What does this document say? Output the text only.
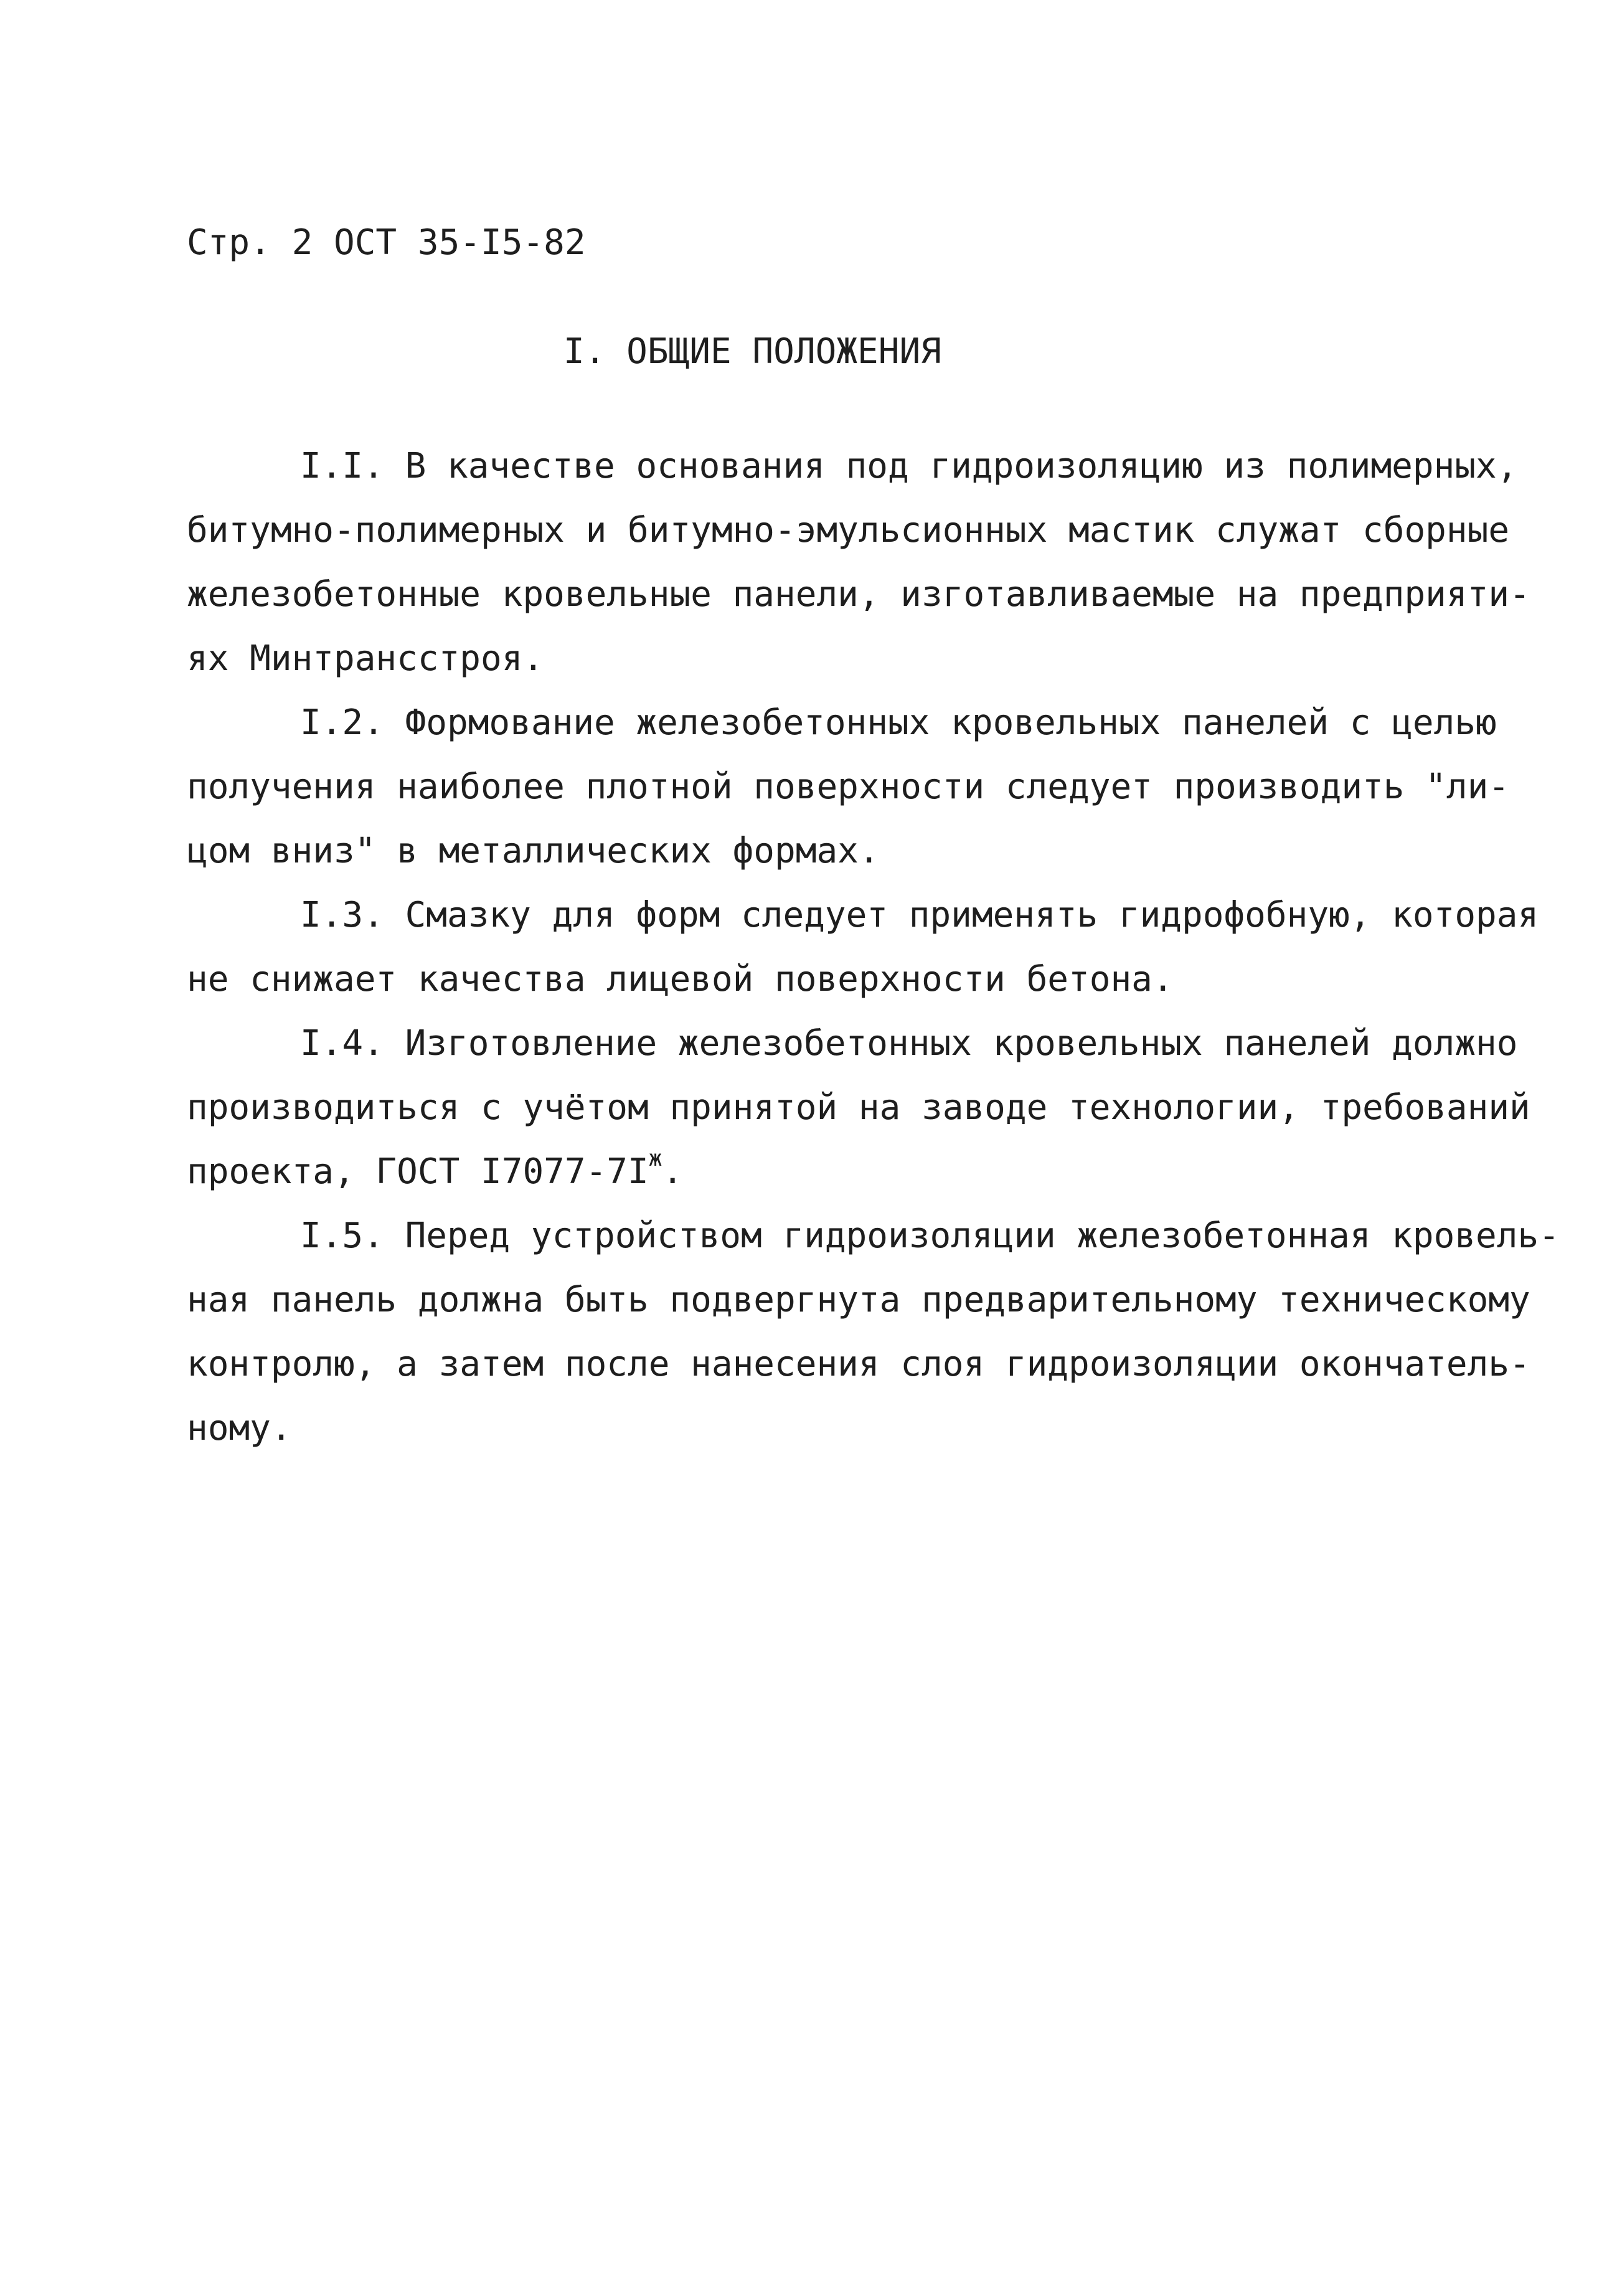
Стр. 2 ОСТ 35-I5-82
I. ОБЩИЕ ПОЛОЖЕНИЯ

I.I. В качестве основания под гидроизоляцию из полимерных,
битумно-полимерных и битумно-эмульсионных мастик служат сборные
железобетонные кровельные панели, изготавливаемые на предприяти-
ях Минтрансстроя.

I.2. Формование железобетонных кровельных панелей с целью
получения наиболее плотной поверхности следует производить "ли-
цом вниз" в металлических формах.

I.3. Смазку для форм следует применять гидрофобную, которая
не снижает качества лицевой поверхности бетона.

I.4. Изготовление железобетонных кровельных панелей должно
производиться с учётом принятой на заводе технологии, требований
проекта, ГОСТ $I7077-7I^ж$.

I.5. Перед устройством гидроизоляции железобетонная кровель-
ная панель должна быть подвергнута предварительному техническому
контролю, а затем после нанесения слоя гидроизоляции окончатель-
ному.
